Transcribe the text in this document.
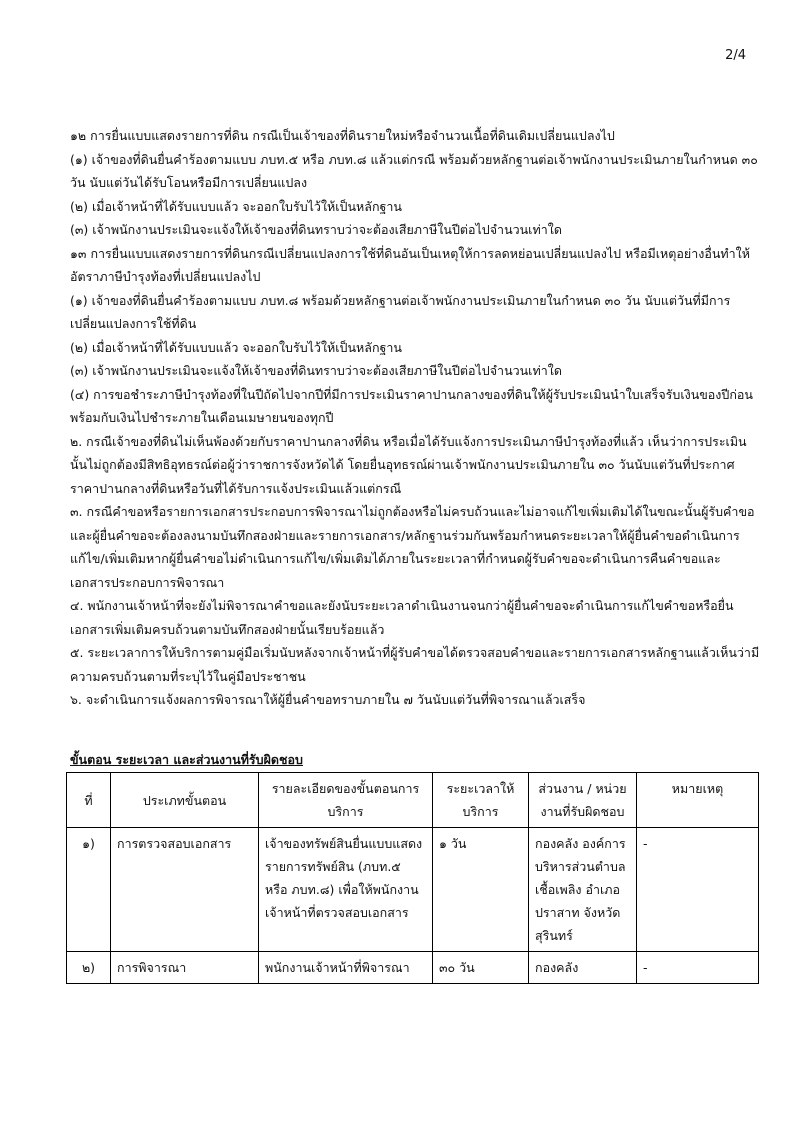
2/4

๑๒ การยื่นแบบแสดงรายการที่ดิน กรณีเป็นเจ้าของที่ดินรายใหม่หรือจำนวนเนื้อที่ดินเดิมเปลี่ยนแปลงไป

(๑) เจ้าของที่ดินยื่นคำร้องตามแบบ ภบท.๕ หรือ ภบท.๘ แล้วแต่กรณี พร้อมด้วยหลักฐานต่อเจ้าพนักงานประเมินภายในกำหนด ๓๐ วัน นับแต่วันได้รับโอนหรือมีการเปลี่ยนแปลง

(๒) เมื่อเจ้าหน้าที่ได้รับแบบแล้ว จะออกใบรับไว้ให้เป็นหลักฐาน

(๓) เจ้าพนักงานประเมินจะแจ้งให้เจ้าของที่ดินทราบว่าจะต้องเสียภาษีในปีต่อไปจำนวนเท่าใด

๑๓ การยื่นแบบแสดงรายการที่ดินกรณีเปลี่ยนแปลงการใช้ที่ดินอันเป็นเหตุให้การลดหย่อนเปลี่ยนแปลงไป หรือมีเหตุอย่างอื่นทำให้อัตราภาษีบำรุงท้องที่เปลี่ยนแปลงไป

(๑) เจ้าของที่ดินยื่นคำร้องตามแบบ ภบท.๘ พร้อมด้วยหลักฐานต่อเจ้าพนักงานประเมินภายในกำหนด ๓๐ วัน นับแต่วันที่มีการเปลี่ยนแปลงการใช้ที่ดิน

(๒) เมื่อเจ้าหน้าที่ได้รับแบบแล้ว จะออกใบรับไว้ให้เป็นหลักฐาน

(๓) เจ้าพนักงานประเมินจะแจ้งให้เจ้าของที่ดินทราบว่าจะต้องเสียภาษีในปีต่อไปจำนวนเท่าใด

(๔) การขอชำระภาษีบำรุงท้องที่ในปีถัดไปจากปีที่มีการประเมินราคาปานกลางของที่ดินให้ผู้รับประเมินนำใบเสร็จรับเงินของปีก่อนพร้อมกับเงินไปชำระภายในเดือนเมษายนของทุกปี

๒. กรณีเจ้าของที่ดินไม่เห็นพ้องด้วยกับราคาปานกลางที่ดิน หรือเมื่อได้รับแจ้งการประเมินภาษีบำรุงท้องที่แล้ว เห็นว่าการประเมินนั้นไม่ถูกต้องมีสิทธิอุทธรณ์ต่อผู้ว่าราชการจังหวัดได้ โดยยื่นอุทธรณ์ผ่านเจ้าพนักงานประเมินภายใน ๓๐ วันนับแต่วันที่ประกาศราคาปานกลางที่ดินหรือวันที่ได้รับการแจ้งประเมินแล้วแต่กรณี

๓. กรณีคำขอหรือรายการเอกสารประกอบการพิจารณาไม่ถูกต้องหรือไม่ครบถ้วนและไม่อาจแก้ไขเพิ่มเติมได้ในขณะนั้นผู้รับคำขอและผู้ยื่นคำขอจะต้องลงนามบันทึกสองฝ่ายและรายการเอกสาร/หลักฐานร่วมกันพร้อมกำหนดระยะเวลาให้ผู้ยื่นคำขอดำเนินการแก้ไข/เพิ่มเติมหากผู้ยื่นคำขอไม่ดำเนินการแก้ไข/เพิ่มเติมได้ภายในระยะเวลาที่กำหนดผู้รับคำขอจะดำเนินการคืนคำขอและเอกสารประกอบการพิจารณา

๔. พนักงานเจ้าหน้าที่จะยังไม่พิจารณาคำขอและยังนับระยะเวลาดำเนินงานจนกว่าผู้ยื่นคำขอจะดำเนินการแก้ไขคำขอหรือยื่นเอกสารเพิ่มเติมครบถ้วนตามบันทึกสองฝ่ายนั้นเรียบร้อยแล้ว

๕. ระยะเวลาการให้บริการตามคู่มือเริ่มนับหลังจากเจ้าหน้าที่ผู้รับคำขอได้ตรวจสอบคำขอและรายการเอกสารหลักฐานแล้วเห็นว่ามีความครบถ้วนตามที่ระบุไว้ในคู่มือประชาชน

๖. จะดำเนินการแจ้งผลการพิจารณาให้ผู้ยื่นคำขอทราบภายใน ๗ วันนับแต่วันที่พิจารณาแล้วเสร็จ

ขั้นตอน ระยะเวลา และส่วนงานที่รับผิดชอบ
ที่	ประเภทขั้นตอน	รายละเอียดของขั้นตอนการบริการ	ระยะเวลาให้บริการ	ส่วนงาน / หน่วยงานที่รับผิดชอบ	หมายเหตุ
๑)	การตรวจสอบเอกสาร	เจ้าของทรัพย์สินยื่นแบบแสดงรายการทรัพย์สิน (ภบท.๕ หรือ ภบท.๘) เพื่อให้พนักงานเจ้าหน้าที่ตรวจสอบเอกสาร	๑ วัน	กองคลัง องค์การบริหารส่วนตำบลเชื้อเพลิง อำเภอปราสาท จังหวัดสุรินทร์	-
๒)	การพิจารณา	พนักงานเจ้าหน้าที่พิจารณา	๓๐ วัน	กองคลัง	-
